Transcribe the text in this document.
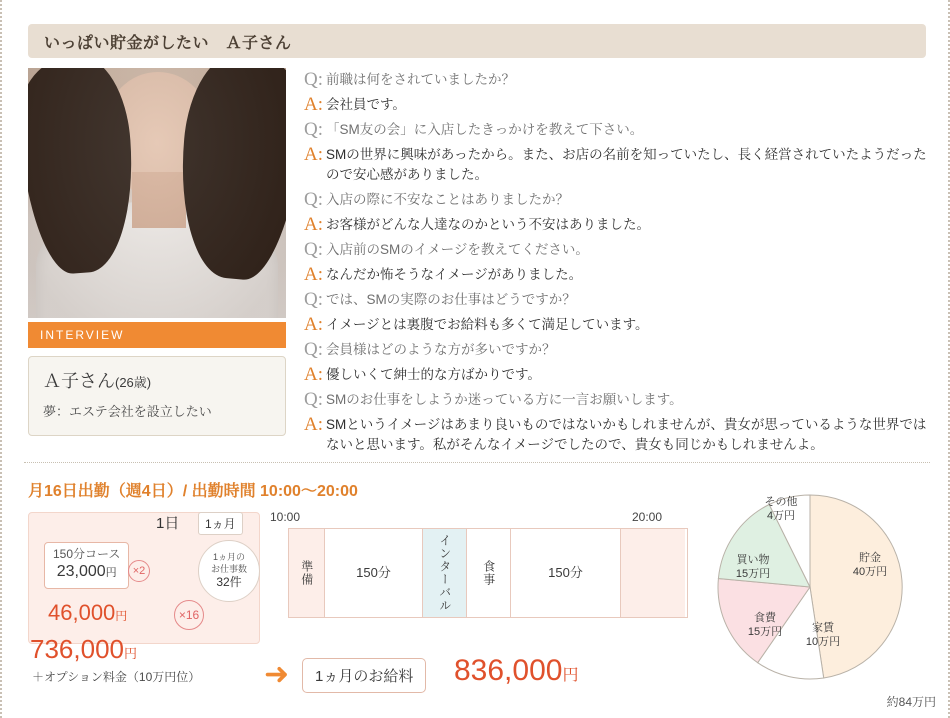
いっぱい貯金がしたい　Ａ子さん
INTERVIEW
Ａ子さん(26歳)
夢：エステ会社を設立したい
Q: 前職は何をされていましたか？
A: 会社員です。
Q: 「SM友の会」に入店したきっかけを教えて下さい。
A: SMの世界に興味があったから。また、お店の名前を知っていたし、長く経営されていたようだったので安心感がありました。
Q: 入店の際に不安なことはありましたか？
A: お客様がどんな人達なのかという不安はありました。
Q: 入店前のSMのイメージを教えてください。
A: なんだか怖そうなイメージがありました。
Q: では、SMの実際のお仕事はどうですか？
A: イメージとは裏腹でお給料も多くて満足しています。
Q: 会員様はどのような方が多いですか？
A: 優しいくて紳士的な方ばかりです。
Q: SMのお仕事をしようか迷っている方に一言お願いします。
A: SMというイメージはあまり良いものではないかもしれませんが、貴女が思っているような世界ではないと思います。私がそんなイメージでしたので、貴女も同じかもしれませんよ。
月16日出勤（週4日）/ 出勤時間 10:00〜20:00
1日	1ヵ月
150分コース
23,000円	×2
1ヵ月の
お仕事数
32件
46,000円	×16
736,000円
＋オプション料金（10万円位）
10:00	20:00
準備	150分	インターバル	食事	150分
➜	1ヵ月のお給料	836,000円
貯金
40万円
家賃
10万円
食費
15万円
買い物
15万円
その他
4万円
約84万円
